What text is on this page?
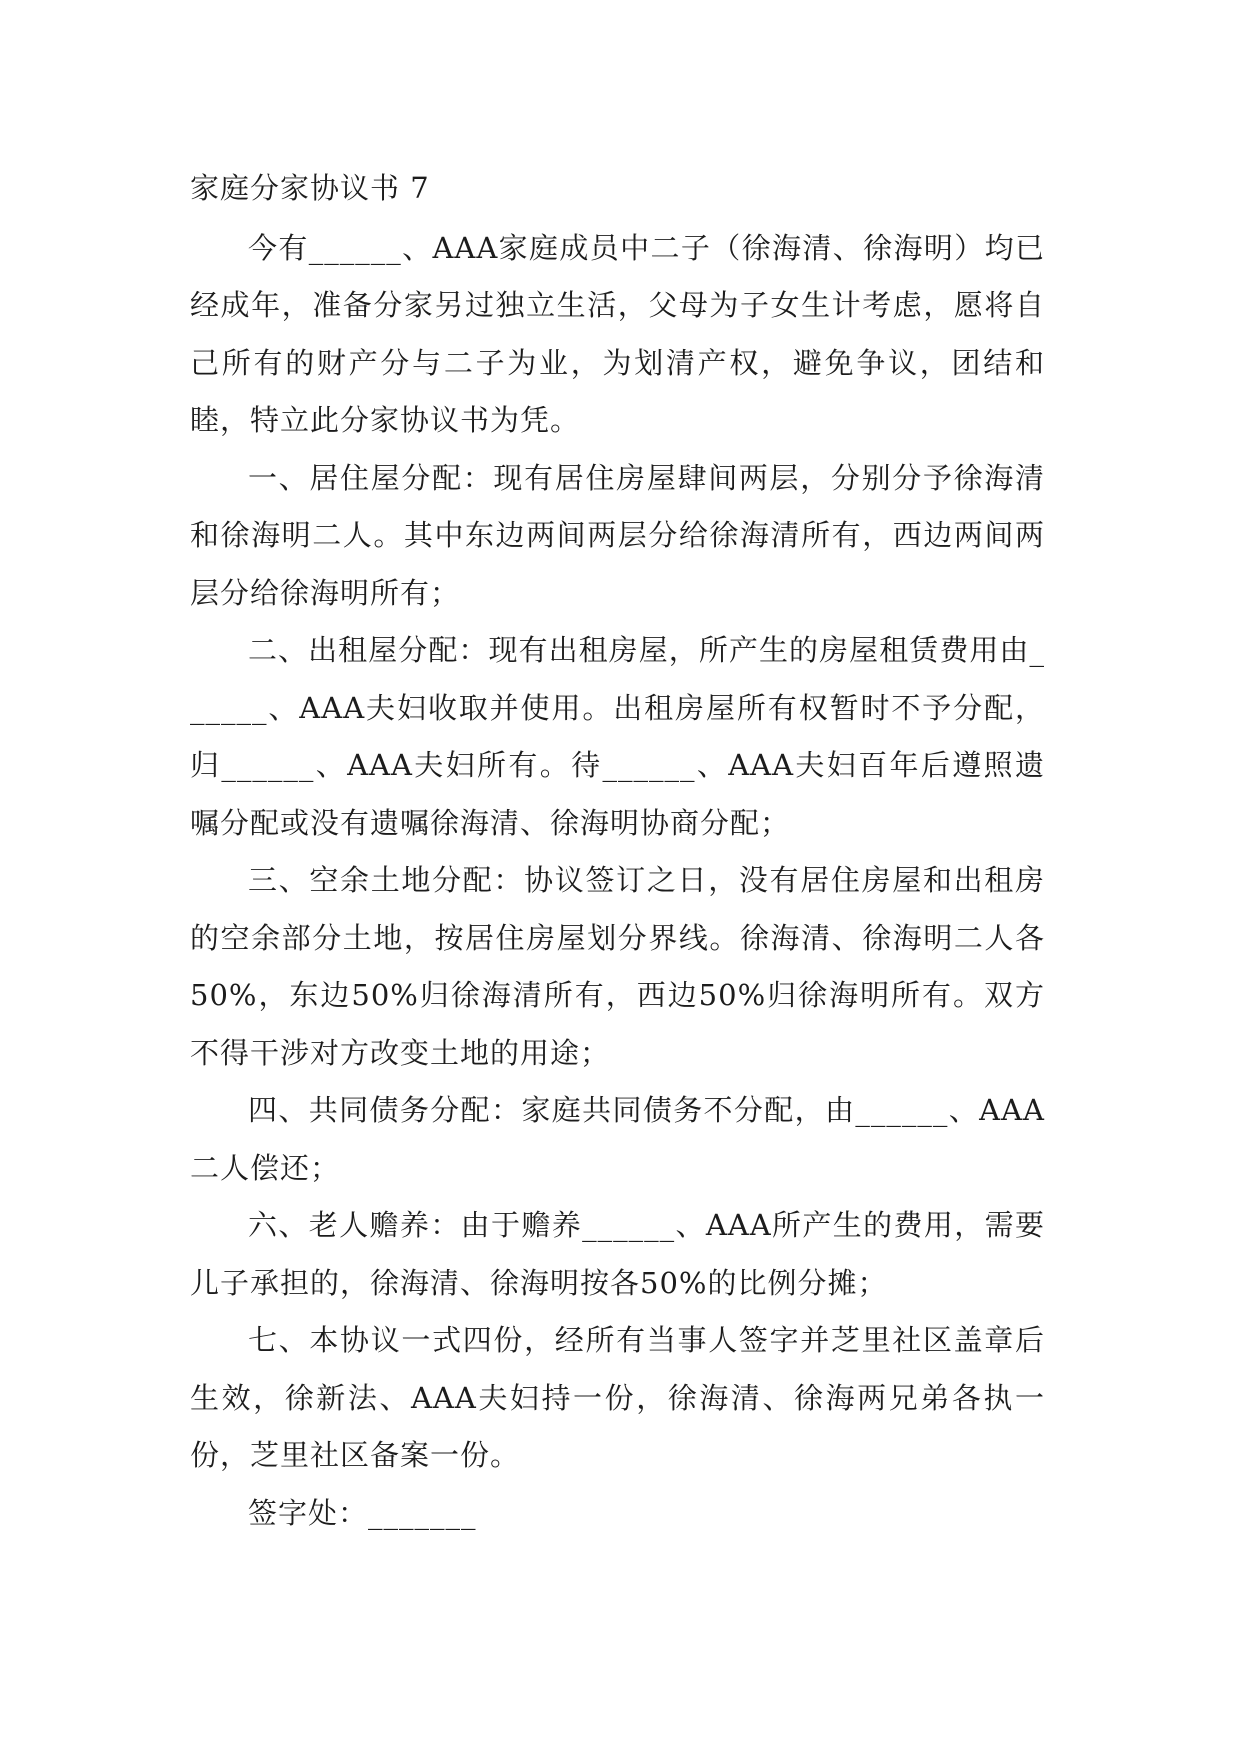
家庭分家协议书 7

今有______、AAA家庭成员中二子（徐海清、徐海明）均已经成年，准备分家另过独立生活，父母为子女生计考虑，愿将自己所有的财产分与二子为业，为划清产权，避免争议，团结和睦，特立此分家协议书为凭。

一、居住屋分配：现有居住房屋肆间两层，分别分予徐海清和徐海明二人。其中东边两间两层分给徐海清所有，西边两间两层分给徐海明所有；

二、出租屋分配：现有出租房屋，所产生的房屋租赁费用由______、AAA夫妇收取并使用。出租房屋所有权暂时不予分配，归______、AAA夫妇所有。待______、AAA夫妇百年后遵照遗嘱分配或没有遗嘱徐海清、徐海明协商分配；

三、空余土地分配：协议签订之日，没有居住房屋和出租房的空余部分土地，按居住房屋划分界线。徐海清、徐海明二人各50%，东边50%归徐海清所有，西边50%归徐海明所有。双方不得干涉对方改变土地的用途；

四、共同债务分配：家庭共同债务不分配，由______、AAA二人偿还；

六、老人赡养：由于赡养______、AAA所产生的费用，需要儿子承担的，徐海清、徐海明按各50%的比例分摊；

七、本协议一式四份，经所有当事人签字并芝里社区盖章后生效，徐新法、AAA夫妇持一份，徐海清、徐海两兄弟各执一份，芝里社区备案一份。

签字处：_______
